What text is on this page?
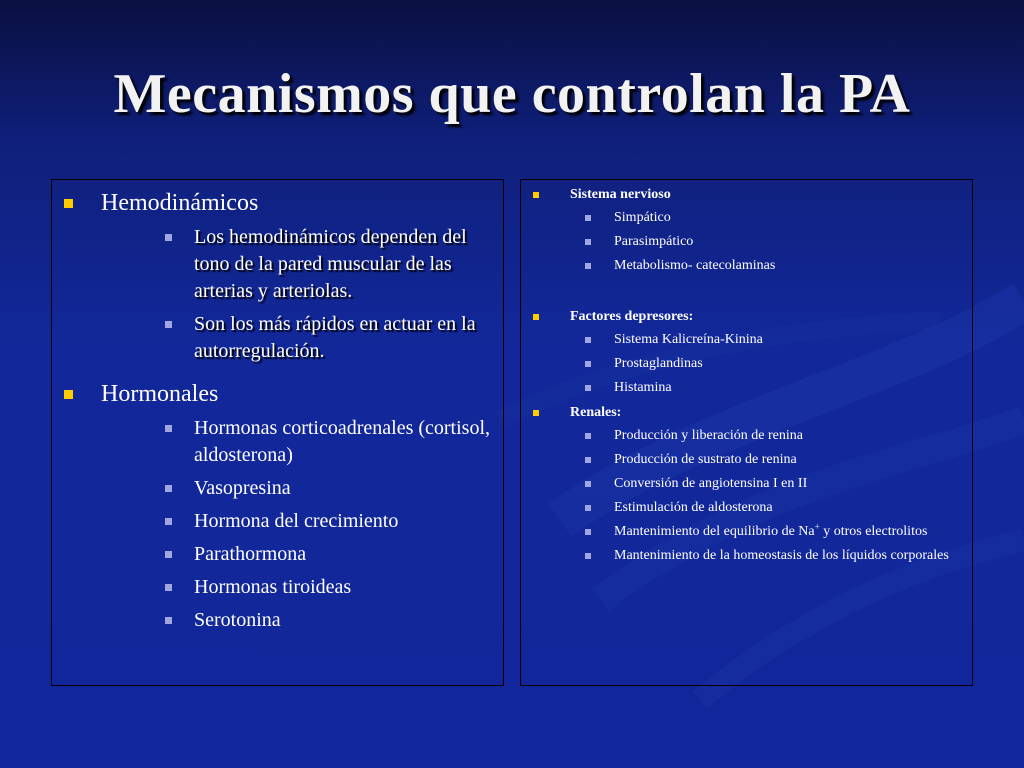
Mecanismos que controlan la PA
Hemodinámicos
Los hemodinámicos dependen del tono de la pared muscular de las arterias y arteriolas.
Son los más rápidos en actuar en la autorregulación.
Hormonales
Hormonas corticoadrenales (cortisol, aldosterona)
Vasopresina
Hormona del crecimiento
Parathormona
Hormonas tiroideas
Serotonina
Sistema nervioso
Simpático
Parasimpático
Metabolismo- catecolaminas
Factores depresores:
Sistema Kalicreína-Kinina
Prostaglandinas
Histamina
Renales:
Producción y liberación de renina
Producción de sustrato de renina
Conversión de angiotensina I en II
Estimulación de aldosterona
Mantenimiento del equilibrio de Na+ y otros electrolitos
Mantenimiento de la homeostasis de los líquidos corporales
